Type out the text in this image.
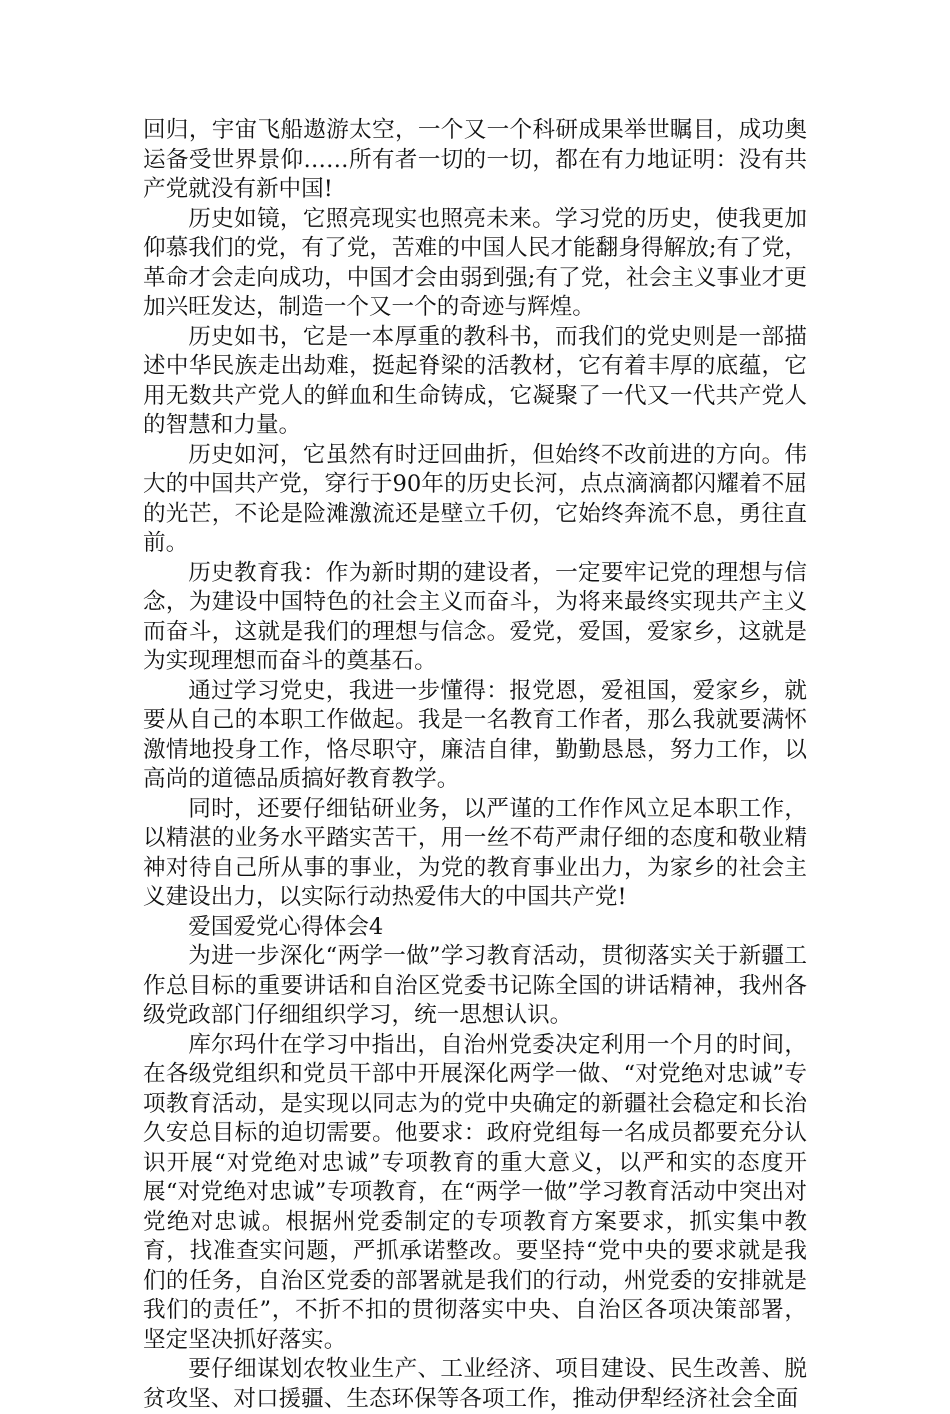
回归，宇宙飞船遨游太空，一个又一个科研成果举世瞩目，成功奥运备受世界景仰……所有者一切的一切，都在有力地证明：没有共产党就没有新中国!

历史如镜，它照亮现实也照亮未来。学习党的历史，使我更加仰慕我们的党，有了党，苦难的中国人民才能翻身得解放;有了党，革命才会走向成功，中国才会由弱到强;有了党，社会主义事业才更加兴旺发达，制造一个又一个的奇迹与辉煌。

历史如书，它是一本厚重的教科书，而我们的党史则是一部描述中华民族走出劫难，挺起脊梁的活教材，它有着丰厚的底蕴，它用无数共产党人的鲜血和生命铸成，它凝聚了一代又一代共产党人的智慧和力量。

历史如河，它虽然有时迂回曲折，但始终不改前进的方向。伟大的中国共产党，穿行于90年的历史长河，点点滴滴都闪耀着不屈的光芒，不论是险滩激流还是壁立千仞，它始终奔流不息，勇往直前。

历史教育我：作为新时期的建设者，一定要牢记党的理想与信念，为建设中国特色的社会主义而奋斗，为将来最终实现共产主义而奋斗，这就是我们的理想与信念。爱党，爱国，爱家乡，这就是为实现理想而奋斗的奠基石。

通过学习党史，我进一步懂得：报党恩，爱祖国，爱家乡，就要从自己的本职工作做起。我是一名教育工作者，那么我就要满怀激情地投身工作，恪尽职守，廉洁自律，勤勤恳恳，努力工作，以高尚的道德品质搞好教育教学。

同时，还要仔细钻研业务，以严谨的工作作风立足本职工作，以精湛的业务水平踏实苦干，用一丝不苟严肃仔细的态度和敬业精神对待自己所从事的事业，为党的教育事业出力，为家乡的社会主义建设出力，以实际行动热爱伟大的中国共产党!

爱国爱党心得体会4

为进一步深化“两学一做”学习教育活动，贯彻落实关于新疆工作总目标的重要讲话和自治区党委书记陈全国的讲话精神，我州各级党政部门仔细组织学习，统一思想认识。

库尔玛什在学习中指出，自治州党委决定利用一个月的时间，在各级党组织和党员干部中开展深化两学一做、“对党绝对忠诚”专项教育活动，是实现以同志为的党中央确定的新疆社会稳定和长治久安总目标的迫切需要。他要求：政府党组每一名成员都要充分认识开展“对党绝对忠诚”专项教育的重大意义，以严和实的态度开展“对党绝对忠诚”专项教育，在“两学一做”学习教育活动中突出对党绝对忠诚。根据州党委制定的专项教育方案要求，抓实集中教育，找准查实问题，严抓承诺整改。要坚持“党中央的要求就是我们的任务，自治区党委的部署就是我们的行动，州党委的安排就是我们的责任”，不折不扣的贯彻落实中央、自治区各项决策部署，坚定坚决抓好落实。

要仔细谋划农牧业生产、工业经济、项目建设、民生改善、脱贫攻坚、对口援疆、生态环保等各项工作，推动伊犁经济社会全面
